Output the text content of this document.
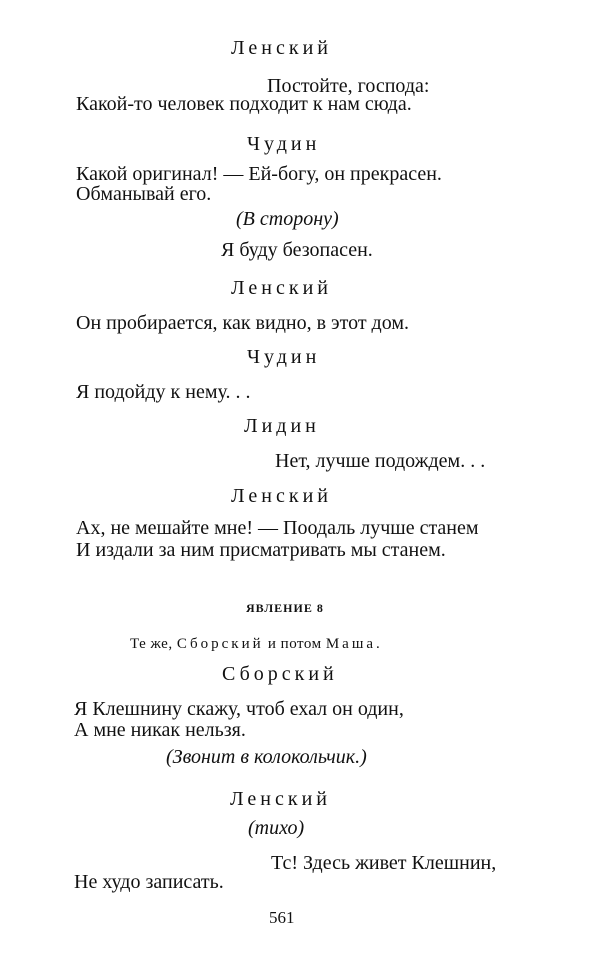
Ленский
Постойте, господа:
Какой-то человек подходит к нам сюда.
Чудин
Какой оригинал! — Ей-богу, он прекрасен.
Обманывай его.
(В сторону)
Я буду безопасен.
Ленский
Он пробирается, как видно, в этот дом.
Чудин
Я подойду к нему. . .
Лидин
Нет, лучше подождем. . .
Ленский
Ах, не мешайте мне! — Поодаль лучше станем
И издали за ним присматривать мы станем.
ЯВЛЕНИЕ 8
Те же, Сборский и потом Маша.
Сборский
Я Клешнину скажу, чтоб ехал он один,
А мне никак нельзя.
(Звонит в колокольчик.)
Ленский
(тихо)
Тс! Здесь живет Клешнин,
Не худо записать.
561
